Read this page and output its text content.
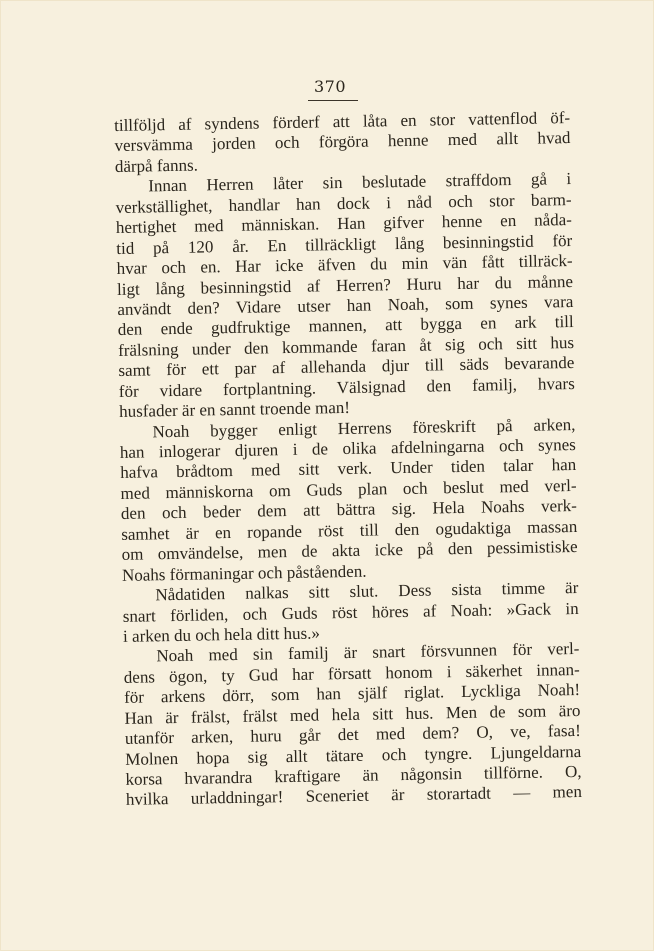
370
tillföljd af syndens förderf att låta en stor vattenflod öf-
versvämma jorden och förgöra henne med allt hvad
därpå fanns.
Innan Herren låter sin beslutade straffdom gå i
verkställighet, handlar han dock i nåd och stor barm-
hertighet med människan. Han gifver henne en nåda-
tid på 120 år. En tillräckligt lång besinningstid för
hvar och en. Har icke äfven du min vän fått tillräck-
ligt lång besinningstid af Herren? Huru har du månne
användt den? Vidare utser han Noah, som synes vara
den ende gudfruktige mannen, att bygga en ark till
frälsning under den kommande faran åt sig och sitt hus
samt för ett par af allehanda djur till säds bevarande
för vidare fortplantning. Välsignad den familj, hvars
husfader är en sannt troende man!
Noah bygger enligt Herrens föreskrift på arken,
han inlogerar djuren i de olika afdelningarna och synes
hafva brådtom med sitt verk. Under tiden talar han
med människorna om Guds plan och beslut med verl-
den och beder dem att bättra sig. Hela Noahs verk-
samhet är en ropande röst till den ogudaktiga massan
om omvändelse, men de akta icke på den pessimistiske
Noahs förmaningar och påståenden.
Nådatiden nalkas sitt slut. Dess sista timme är
snart förliden, och Guds röst höres af Noah: »Gack in
i arken du och hela ditt hus.»
Noah med sin familj är snart försvunnen för verl-
dens ögon, ty Gud har försatt honom i säkerhet innan-
för arkens dörr, som han själf riglat. Lyckliga Noah!
Han är frälst, frälst med hela sitt hus. Men de som äro
utanför arken, huru går det med dem? O, ve, fasa!
Molnen hopa sig allt tätare och tyngre. Ljungeldarna
korsa hvarandra kraftigare än någonsin tillförne. O,
hvilka urladdningar! Sceneriet är storartadt — men
